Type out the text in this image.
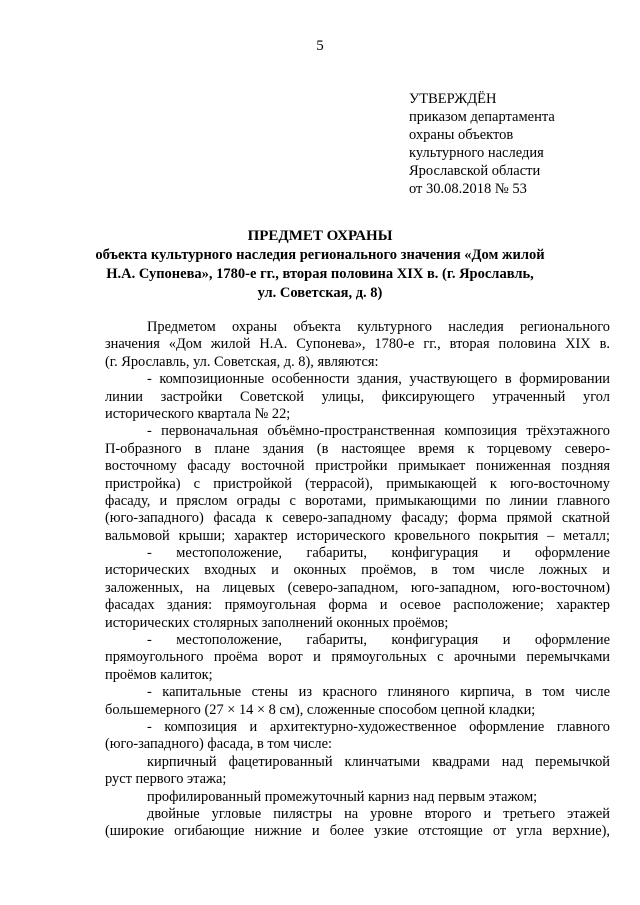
5
УТВЕРЖДЁН
приказом департамента
охраны объектов
культурного наследия
Ярославской области
от 30.08.2018 № 53
ПРЕДМЕТ ОХРАНЫ
объекта культурного наследия регионального значения «Дом жилой
Н.А. Супонева», 1780-е гг., вторая половина XIX в. (г. Ярославль,
ул. Советская, д. 8)
Предметом охраны объекта культурного наследия регионального
значения «Дом жилой Н.А. Супонева», 1780-е гг., вторая половина XIX в.
(г. Ярославль, ул. Советская, д. 8), являются:
- композиционные особенности здания, участвующего в формировании
линии застройки Советской улицы, фиксирующего утраченный угол
исторического квартала № 22;
- первоначальная объёмно-пространственная композиция трёхэтажного
П-образного в плане здания (в настоящее время к торцевому северо-
восточному фасаду восточной пристройки примыкает пониженная поздняя
пристройка) с пристройкой (террасой), примыкающей к юго-восточному
фасаду, и пряслом ограды с воротами, примыкающими по линии главного
(юго-западного) фасада к северо-западному фасаду; форма прямой скатной
вальмовой крыши; характер исторического кровельного покрытия – металл;
- местоположение, габариты, конфигурация и оформление
исторических входных и оконных проёмов, в том числе ложных и
заложенных, на лицевых (северо-западном, юго-западном, юго-восточном)
фасадах здания: прямоугольная форма и осевое расположение; характер
исторических столярных заполнений оконных проёмов;
- местоположение, габариты, конфигурация и оформление
прямоугольного проёма ворот и прямоугольных с арочными перемычками
проёмов калиток;
- капитальные стены из красного глиняного кирпича, в том числе
большемерного (27 × 14 × 8 см), сложенные способом цепной кладки;
- композиция и архитектурно-художественное оформление главного
(юго-западного) фасада, в том числе:
кирпичный фацетированный клинчатыми квадрами над перемычкой
руст первого этажа;
профилированный промежуточный карниз над первым этажом;
двойные угловые пилястры на уровне второго и третьего этажей
(широкие огибающие нижние и более узкие отстоящие от угла верхние),
